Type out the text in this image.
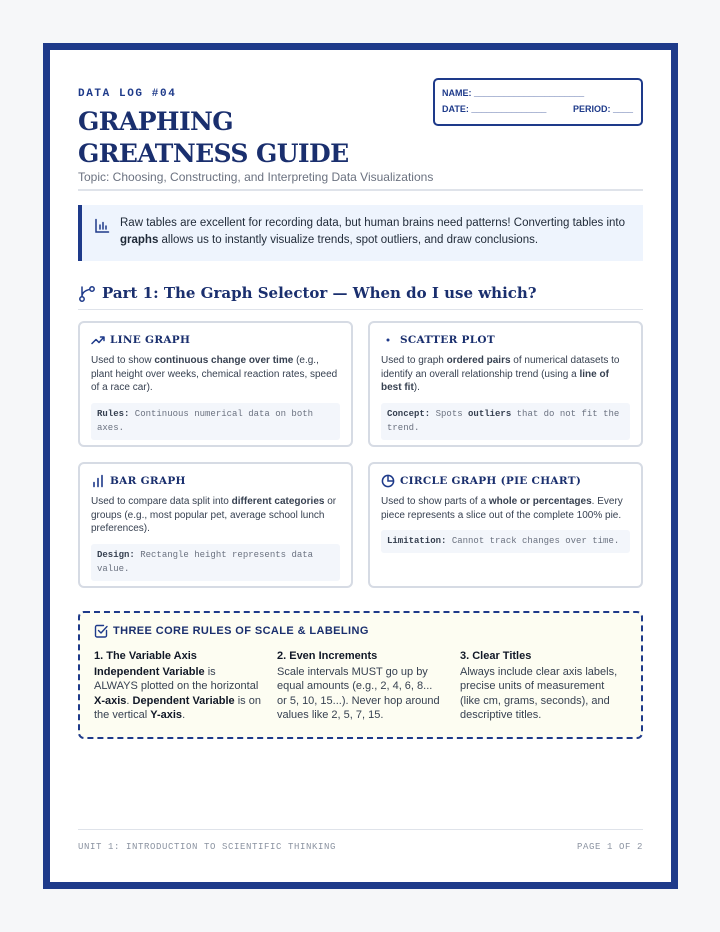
DATA LOG #04
GRAPHING GREATNESS GUIDE
Topic: Choosing, Constructing, and Interpreting Data Visualizations
NAME: ______________________
DATE: _______________	PERIOD: ____
Raw tables are excellent for recording data, but human brains need patterns! Converting tables into graphs allows us to instantly visualize trends, spot outliers, and draw conclusions.
Part 1: The Graph Selector — When do I use which?
LINE GRAPH

Used to show continuous change over time (e.g., plant height over weeks, chemical reaction rates, speed of a race car).

Rules: Continuous numerical data on both axes.
SCATTER PLOT

Used to graph ordered pairs of numerical datasets to identify an overall relationship trend (using a line of best fit).

Concept: Spots outliers that do not fit the trend.
BAR GRAPH

Used to compare data split into different categories or groups (e.g., most popular pet, average school lunch preferences).

Design: Rectangle height represents data value.
CIRCLE GRAPH (PIE CHART)

Used to show parts of a whole or percentages. Every piece represents a slice out of the complete 100% pie.

Limitation: Cannot track changes over time.
THREE CORE RULES OF SCALE & LABELING
1. The Variable Axis
Independent Variable is ALWAYS plotted on the horizontal X-axis. Dependent Variable is on the vertical Y-axis.
2. Even Increments
Scale intervals MUST go up by equal amounts (e.g., 2, 4, 6, 8... or 5, 10, 15...). Never hop around values like 2, 5, 7, 15.
3. Clear Titles
Always include clear axis labels, precise units of measurement (like cm, grams, seconds), and descriptive titles.
UNIT 1: INTRODUCTION TO SCIENTIFIC THINKING	PAGE 1 OF 2
